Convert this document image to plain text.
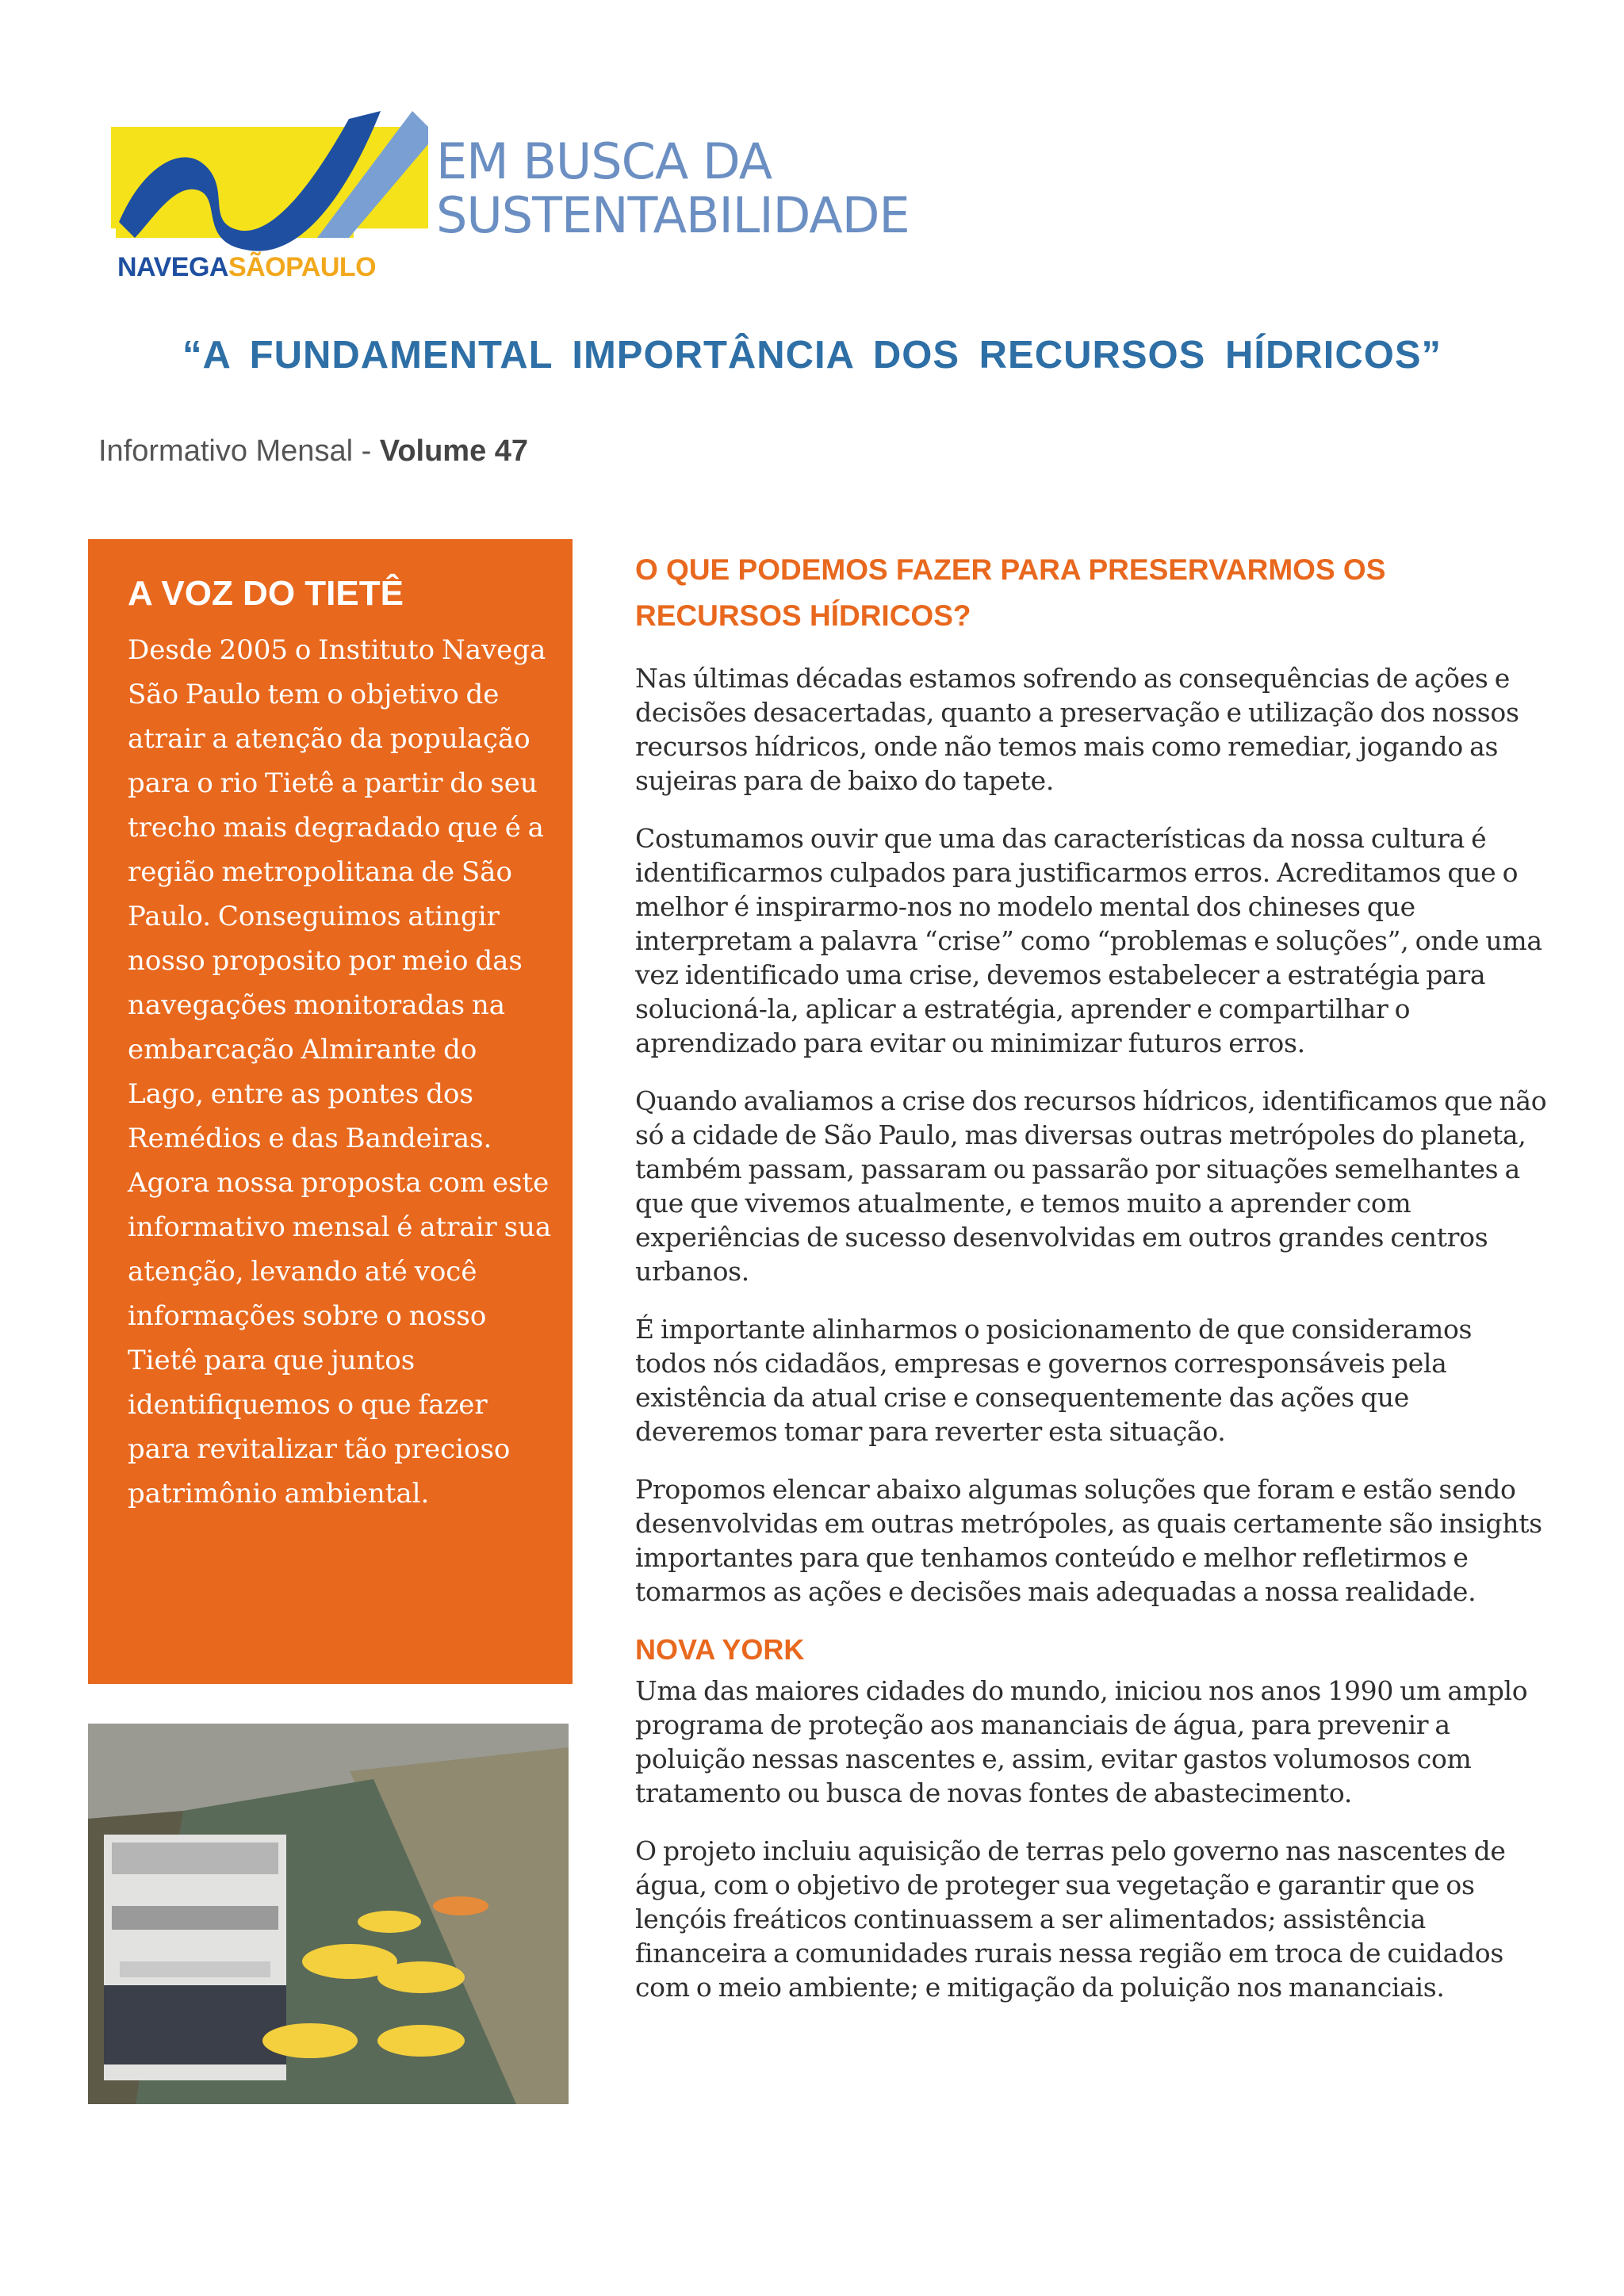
NAVEGASÃOPAULO
EM BUSCA DA
SUSTENTABILIDADE
“A FUNDAMENTAL IMPORTÂNCIA DOS RECURSOS HÍDRICOS”
Informativo Mensal - Volume 47
A VOZ DO TIETÊ
Desde 2005 o Instituto Navega São Paulo tem o objetivo de atrair a atenção da população para o rio Tietê a partir do seu trecho mais degradado que é a região metropolitana de São Paulo. Conseguimos atingir nosso proposito por meio das navegações monitoradas na embarcação Almirante do Lago, entre as pontes dos Remédios e das Bandeiras. Agora nossa proposta com este informativo mensal é atrair sua atenção, levando até você informações sobre o nosso Tietê para que juntos identifiquemos o que fazer para revitalizar tão precioso patrimônio ambiental.
O QUE PODEMOS FAZER PARA PRESERVARMOS OS RECURSOS HÍDRICOS?

Nas últimas décadas estamos sofrendo as consequências de ações e decisões desacertadas, quanto a preservação e utilização dos nossos recursos hídricos, onde não temos mais como remediar, jogando as sujeiras para de baixo do tapete.

Costumamos ouvir que uma das características da nossa cultura é identificarmos culpados para justificarmos erros. Acreditamos que o melhor é inspirarmo-nos no modelo mental dos chineses que interpretam a palavra “crise” como “problemas e soluções”, onde uma vez identificado uma crise, devemos estabelecer a estratégia para solucioná-la, aplicar a estratégia, aprender e compartilhar o aprendizado para evitar ou minimizar futuros erros.

Quando avaliamos a crise dos recursos hídricos, identificamos que não só a cidade de São Paulo, mas diversas outras metrópoles do planeta, também passam, passaram ou passarão por situações semelhantes a que que vivemos atualmente, e temos muito a aprender com experiências de sucesso desenvolvidas em outros grandes centros urbanos.

É importante alinharmos o posicionamento de que consideramos todos nós cidadãos, empresas e governos corresponsáveis pela existência da atual crise e consequentemente das ações que deveremos tomar para reverter esta situação.

Propomos elencar abaixo algumas soluções que foram e estão sendo desenvolvidas em outras metrópoles, as quais certamente são insights importantes para que tenhamos conteúdo e melhor refletirmos e tomarmos as ações e decisões mais adequadas a nossa realidade.

NOVA YORK

Uma das maiores cidades do mundo, iniciou nos anos 1990 um amplo programa de proteção aos mananciais de água, para prevenir a poluição nessas nascentes e, assim, evitar gastos volumosos com tratamento ou busca de novas fontes de abastecimento.

O projeto incluiu aquisição de terras pelo governo nas nascentes de água, com o objetivo de proteger sua vegetação e garantir que os lençóis freáticos continuassem a ser alimentados; assistência financeira a comunidades rurais nessa região em troca de cuidados com o meio ambiente; e mitigação da poluição nos mananciais.
